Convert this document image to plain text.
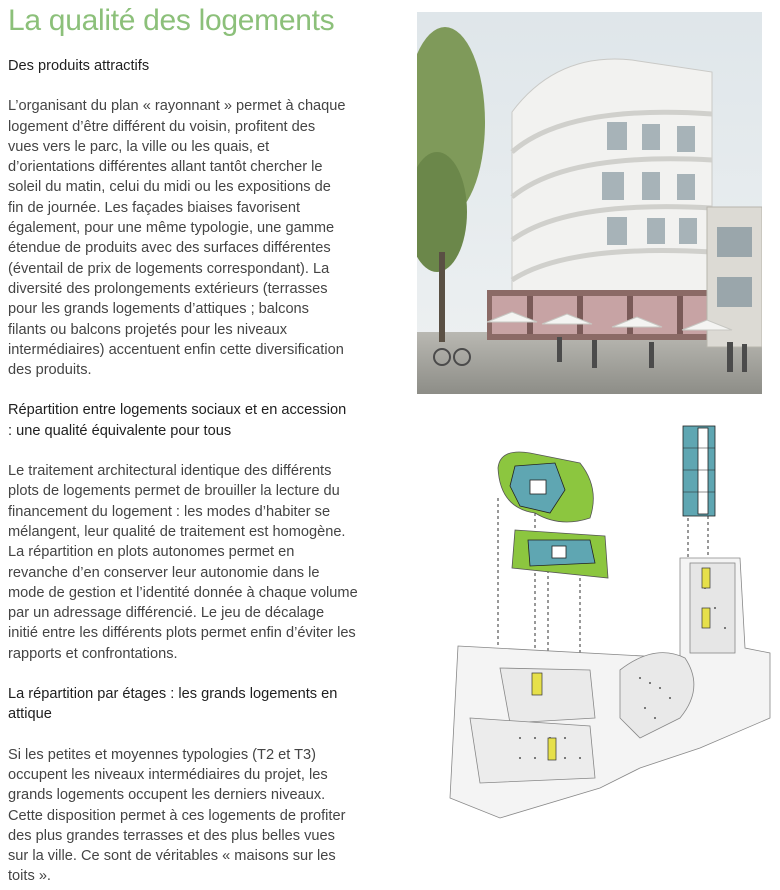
La qualité des logements
Des produits attractifs

L’organisant du plan « rayonnant » permet à chaque logement d’être différent du voisin, profitent des vues vers le parc, la ville ou les quais, et d’orientations différentes allant tantôt chercher le soleil du matin, celui du midi ou les expositions de fin de journée. Les façades biaises favorisent également, pour une même typologie, une gamme étendue de produits avec des surfaces différentes (éventail de prix de logements correspondant). La diversité des prolongements extérieurs (terrasses pour les grands logements d’attiques ; balcons filants ou balcons projetés pour les niveaux intermédiaires) accentuent enfin cette diversification des produits.

Répartition entre logements sociaux et en accession : une qualité équivalente pour tous

Le traitement architectural identique des différents plots de logements permet de brouiller la lecture du financement du logement : les modes d’habiter se mélangent, leur qualité de traitement est homogène. La répartition en plots autonomes permet en revanche d’en conserver leur autonomie dans le mode de gestion et l’identité donnée à chaque volume par un adressage différencié. Le jeu de décalage initié entre les différents plots permet enfin d’éviter les rapports et confrontations.

La répartition par étages : les grands logements en attique

Si les petites et moyennes typologies (T2 et T3) occupent les niveaux intermédiaires du projet, les grands logements occupent les derniers niveaux. Cette disposition permet à ces logements de profiter des plus grandes terrasses et des plus belles vues sur la ville. Ce sont de véritables « maisons sur les toits ».
